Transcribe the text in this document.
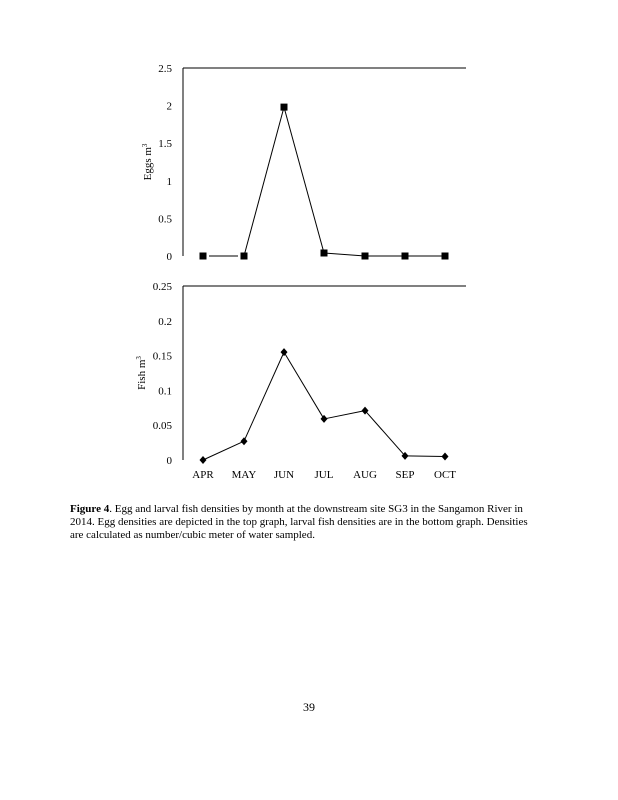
0
0.5
1
1.5
2
2.5
Eggs $m^3$
0
0.05
0.1
0.15
0.2
0.25
Fish $m^3$
APR MAY JUN JUL AUG SEP OCT
Figure 4. Egg and larval fish densities by month at the downstream site SG3 in the Sangamon River in 2014. Egg densities are depicted in the top graph, larval fish densities are in the bottom graph. Densities are calculated as number/cubic meter of water sampled.
39
